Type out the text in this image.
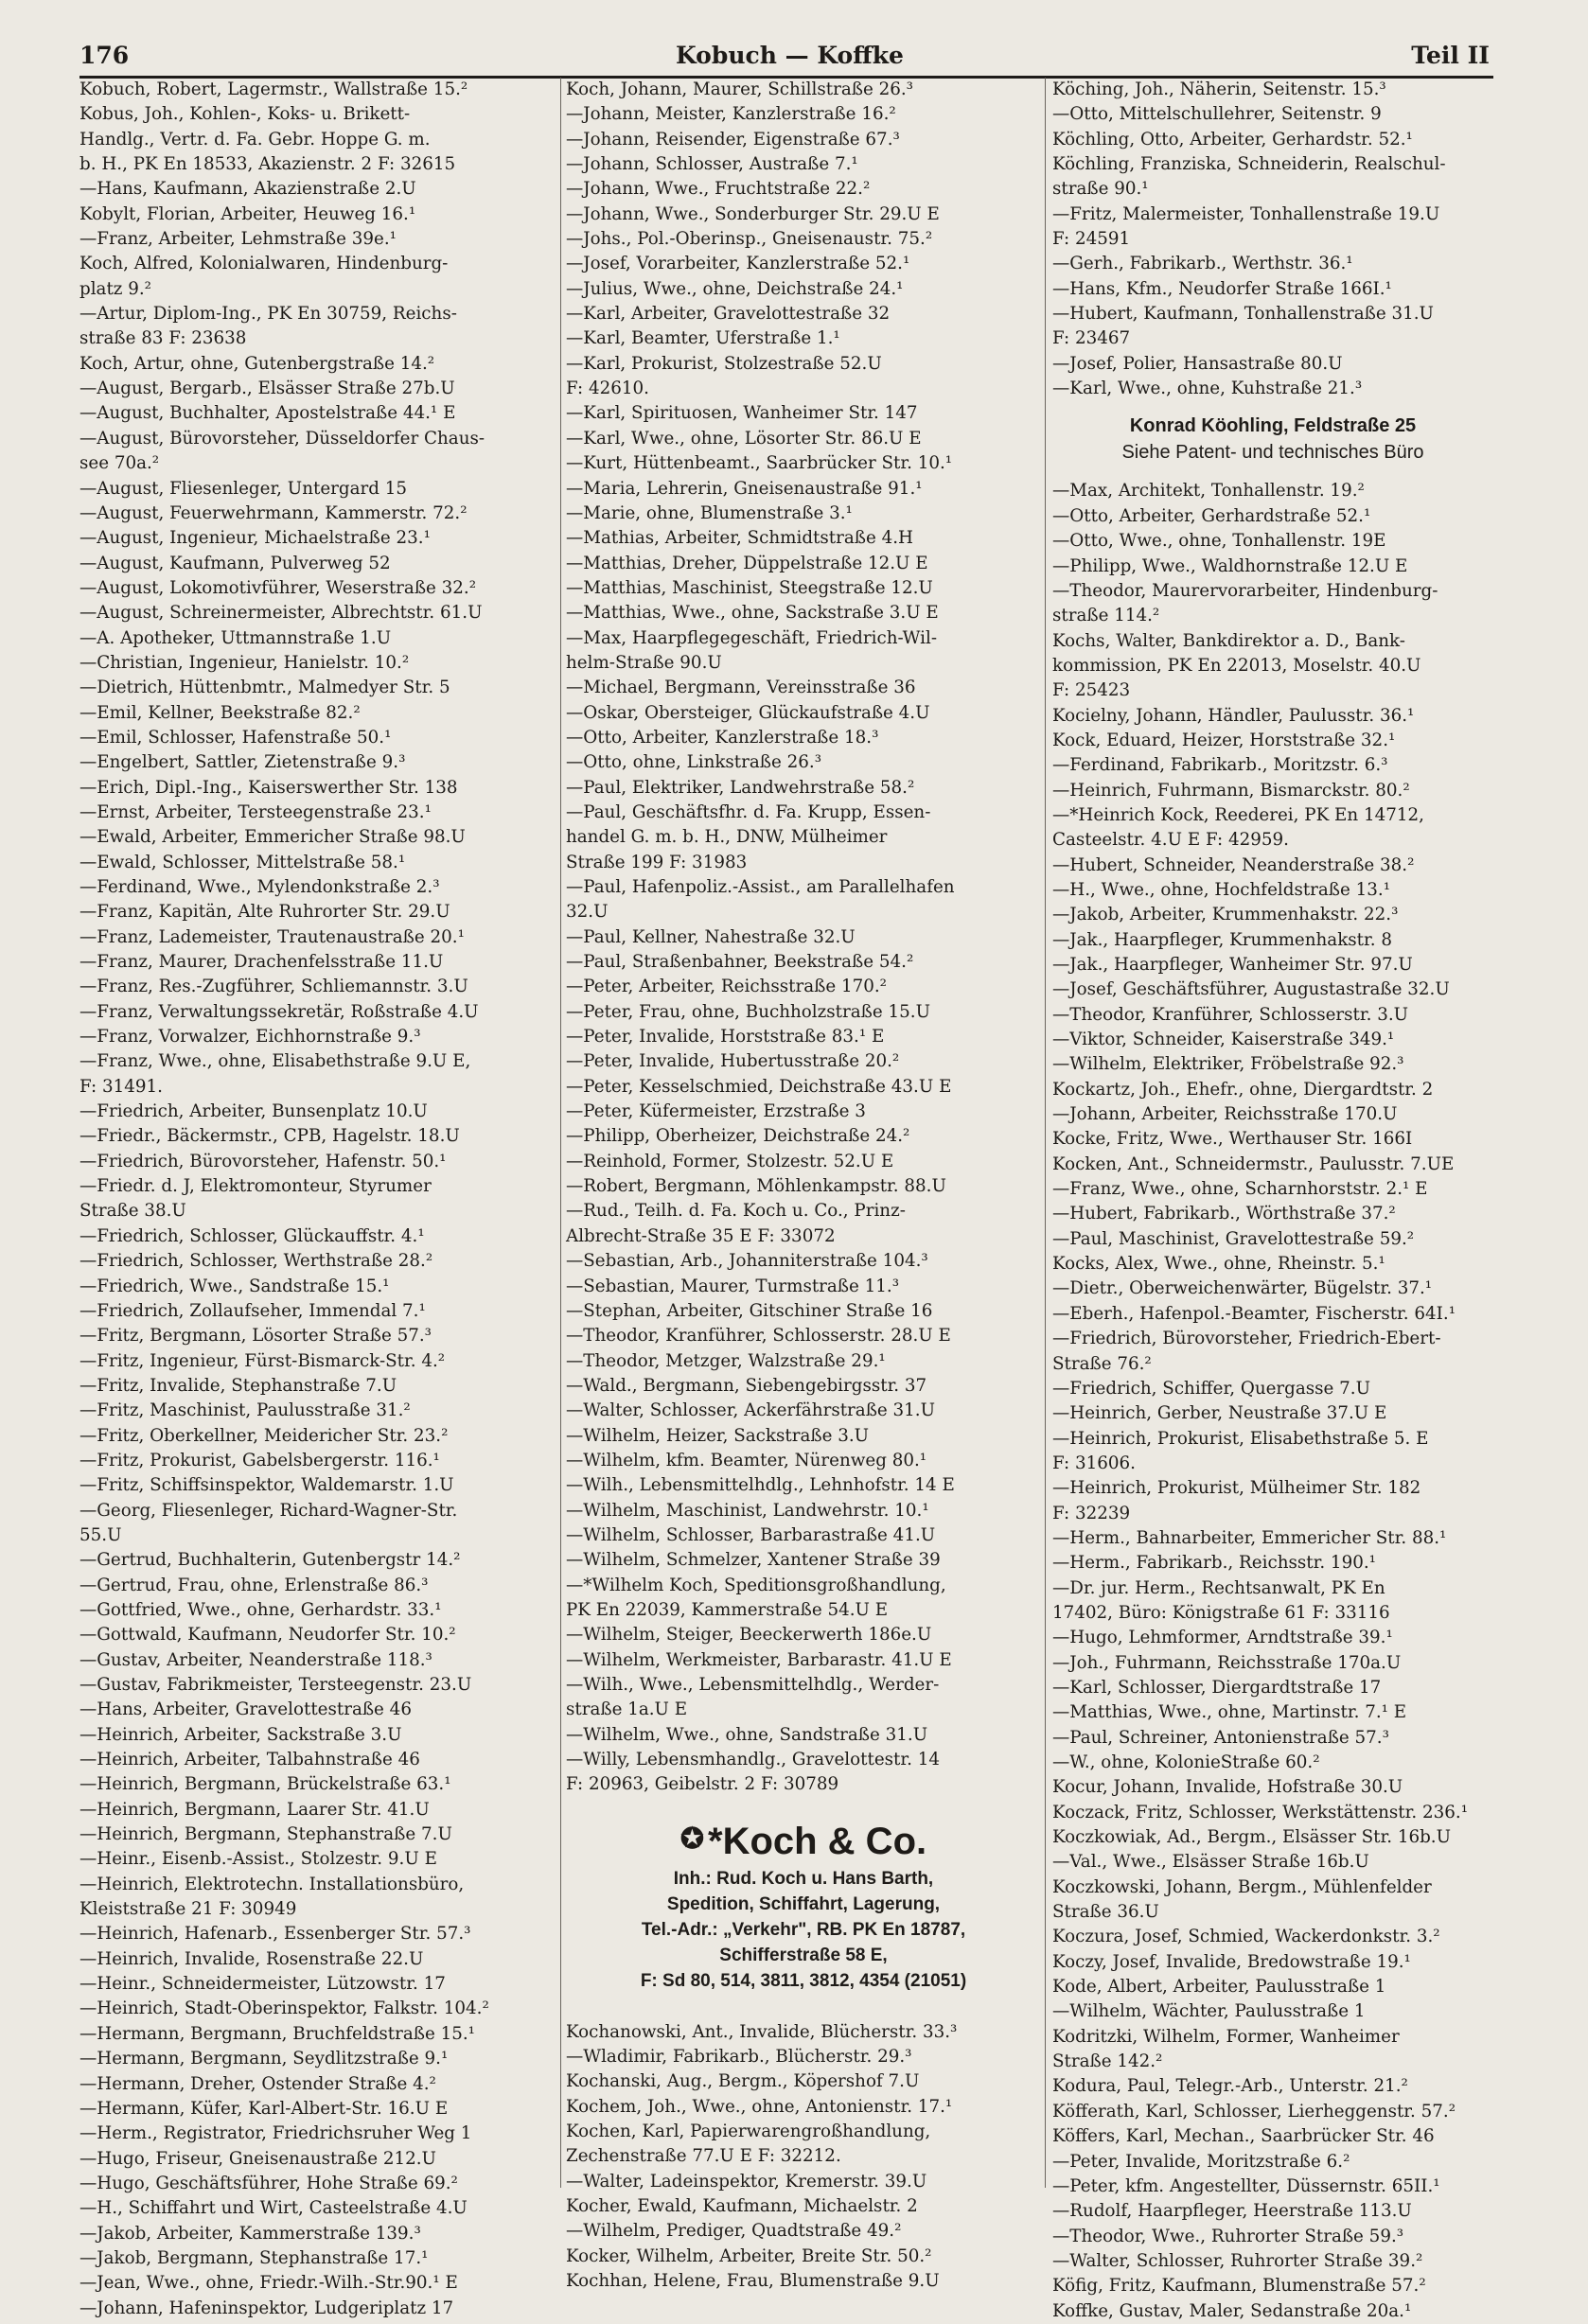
176	Kobuch — Koffke	Teil II
Kobuch, Robert, Lagermstr., Wallstraße 15.²
Kobus, Joh., Kohlen-, Koks- u. Brikett-
Handlg., Vertr. d. Fa. Gebr. Hoppe G. m.
b. H., PK En 18533, Akazienstr. 2 F: 32615
—Hans, Kaufmann, Akazienstraße 2.U
Kobylt, Florian, Arbeiter, Heuweg 16.¹
—Franz, Arbeiter, Lehmstraße 39e.¹
Koch, Alfred, Kolonialwaren, Hindenburg-
platz 9.²
—Artur, Diplom-Ing., PK En 30759, Reichs-
straße 83 F: 23638
Koch, Artur, ohne, Gutenbergstraße 14.²
—August, Bergarb., Elsässer Straße 27b.U
—August, Buchhalter, Apostelstraße 44.¹ E
—August, Bürovorsteher, Düsseldorfer Chaus-
see 70a.²
—August, Fliesenleger, Untergard 15
—August, Feuerwehrmann, Kammerstr. 72.²
—August, Ingenieur, Michaelstraße 23.¹
—August, Kaufmann, Pulverweg 52
—August, Lokomotivführer, Weserstraße 32.²
—August, Schreinermeister, Albrechtstr. 61.U
—A. Apotheker, Uttmannstraße 1.U
—Christian, Ingenieur, Hanielstr. 10.²
—Dietrich, Hüttenbmtr., Malmedyer Str. 5
—Emil, Kellner, Beekstraße 82.²
—Emil, Schlosser, Hafenstraße 50.¹
—Engelbert, Sattler, Zietenstraße 9.³
—Erich, Dipl.-Ing., Kaiserswerther Str. 138
—Ernst, Arbeiter, Tersteegenstraße 23.¹
—Ewald, Arbeiter, Emmericher Straße 98.U
—Ewald, Schlosser, Mittelstraße 58.¹
—Ferdinand, Wwe., Mylendonkstraße 2.³
—Franz, Kapitän, Alte Ruhrorter Str. 29.U
—Franz, Lademeister, Trautenaustraße 20.¹
—Franz, Maurer, Drachenfelsstraße 11.U
—Franz, Res.-Zugführer, Schliemannstr. 3.U
—Franz, Verwaltungssekretär, Roßstraße 4.U
—Franz, Vorwalzer, Eichhornstraße 9.³
—Franz, Wwe., ohne, Elisabethstraße 9.U E,
F: 31491.
—Friedrich, Arbeiter, Bunsenplatz 10.U
—Friedr., Bäckermstr., CPB, Hagelstr. 18.U
—Friedrich, Bürovorsteher, Hafenstr. 50.¹
—Friedr. d. J, Elektromonteur, Styrumer
Straße 38.U
—Friedrich, Schlosser, Glückauffstr. 4.¹
—Friedrich, Schlosser, Werthstraße 28.²
—Friedrich, Wwe., Sandstraße 15.¹
—Friedrich, Zollaufseher, Immendal 7.¹
—Fritz, Bergmann, Lösorter Straße 57.³
—Fritz, Ingenieur, Fürst-Bismarck-Str. 4.²
—Fritz, Invalide, Stephanstraße 7.U
—Fritz, Maschinist, Paulusstraße 31.²
—Fritz, Oberkellner, Meidericher Str. 23.²
—Fritz, Prokurist, Gabelsbergerstr. 116.¹
—Fritz, Schiffsinspektor, Waldemarstr. 1.U
—Georg, Fliesenleger, Richard-Wagner-Str.
55.U
—Gertrud, Buchhalterin, Gutenbergstr 14.²
—Gertrud, Frau, ohne, Erlenstraße 86.³
—Gottfried, Wwe., ohne, Gerhardstr. 33.¹
—Gottwald, Kaufmann, Neudorfer Str. 10.²
—Gustav, Arbeiter, Neanderstraße 118.³
—Gustav, Fabrikmeister, Tersteegenstr. 23.U
—Hans, Arbeiter, Gravelottestraße 46
—Heinrich, Arbeiter, Sackstraße 3.U
—Heinrich, Arbeiter, Talbahnstraße 46
—Heinrich, Bergmann, Brückelstraße 63.¹
—Heinrich, Bergmann, Laarer Str. 41.U
—Heinrich, Bergmann, Stephanstraße 7.U
—Heinr., Eisenb.-Assist., Stolzestr. 9.U E
—Heinrich, Elektrotechn. Installationsbüro,
Kleiststraße 21 F: 30949
—Heinrich, Hafenarb., Essenberger Str. 57.³
—Heinrich, Invalide, Rosenstraße 22.U
—Heinr., Schneidermeister, Lützowstr. 17
—Heinrich, Stadt-Oberinspektor, Falkstr. 104.²
—Hermann, Bergmann, Bruchfeldstraße 15.¹
—Hermann, Bergmann, Seydlitzstraße 9.¹
—Hermann, Dreher, Ostender Straße 4.²
—Hermann, Küfer, Karl-Albert-Str. 16.U E
—Herm., Registrator, Friedrichsruher Weg 1
—Hugo, Friseur, Gneisenaustraße 212.U
—Hugo, Geschäftsführer, Hohe Straße 69.²
—H., Schiffahrt und Wirt, Casteelstraße 4.U
—Jakob, Arbeiter, Kammerstraße 139.³
—Jakob, Bergmann, Stephanstraße 17.¹
—Jean, Wwe., ohne, Friedr.-Wilh.-Str.90.¹ E
—Johann, Hafeninspektor, Ludgeriplatz 17
Koch, Johann, Maurer, Schillstraße 26.³
—Johann, Meister, Kanzlerstraße 16.²
—Johann, Reisender, Eigenstraße 67.³
—Johann, Schlosser, Austraße 7.¹
—Johann, Wwe., Fruchtstraße 22.²
—Johann, Wwe., Sonderburger Str. 29.U E
—Johs., Pol.-Oberinsp., Gneisenaustr. 75.²
—Josef, Vorarbeiter, Kanzlerstraße 52.¹
—Julius, Wwe., ohne, Deichstraße 24.¹
—Karl, Arbeiter, Gravelottestraße 32
—Karl, Beamter, Uferstraße 1.¹
—Karl, Prokurist, Stolzestraße 52.U
F: 42610.
—Karl, Spirituosen, Wanheimer Str. 147
—Karl, Wwe., ohne, Lösorter Str. 86.U E
—Kurt, Hüttenbeamt., Saarbrücker Str. 10.¹
—Maria, Lehrerin, Gneisenaustraße 91.¹
—Marie, ohne, Blumenstraße 3.¹
—Mathias, Arbeiter, Schmidtstraße 4.H
—Matthias, Dreher, Düppelstraße 12.U E
—Matthias, Maschinist, Steegstraße 12.U
—Matthias, Wwe., ohne, Sackstraße 3.U E
—Max, Haarpflegegeschäft, Friedrich-Wil-
helm-Straße 90.U
—Michael, Bergmann, Vereinsstraße 36
—Oskar, Obersteiger, Glückaufstraße 4.U
—Otto, Arbeiter, Kanzlerstraße 18.³
—Otto, ohne, Linkstraße 26.³
—Paul, Elektriker, Landwehrstraße 58.²
—Paul, Geschäftsfhr. d. Fa. Krupp, Essen-
handel G. m. b. H., DNW, Mülheimer
Straße 199 F: 31983
—Paul, Hafenpoliz.-Assist., am Parallelhafen
32.U
—Paul, Kellner, Nahestraße 32.U
—Paul, Straßenbahner, Beekstraße 54.²
—Peter, Arbeiter, Reichsstraße 170.²
—Peter, Frau, ohne, Buchholzstraße 15.U
—Peter, Invalide, Horststraße 83.¹ E
—Peter, Invalide, Hubertusstraße 20.²
—Peter, Kesselschmied, Deichstraße 43.U E
—Peter, Küfermeister, Erzstraße 3
—Philipp, Oberheizer, Deichstraße 24.²
—Reinhold, Former, Stolzestr. 52.U E
—Robert, Bergmann, Möhlenkampstr. 88.U
—Rud., Teilh. d. Fa. Koch u. Co., Prinz-
Albrecht-Straße 35 E F: 33072
—Sebastian, Arb., Johanniterstraße 104.³
—Sebastian, Maurer, Turmstraße 11.³
—Stephan, Arbeiter, Gitschiner Straße 16
—Theodor, Kranführer, Schlosserstr. 28.U E
—Theodor, Metzger, Walzstraße 29.¹
—Wald., Bergmann, Siebengebirgsstr. 37
—Walter, Schlosser, Ackerfährstraße 31.U
—Wilhelm, Heizer, Sackstraße 3.U
—Wilhelm, kfm. Beamter, Nürenweg 80.¹
—Wilh., Lebensmittelhdlg., Lehnhofstr. 14 E
—Wilhelm, Maschinist, Landwehrstr. 10.¹
—Wilhelm, Schlosser, Barbarastraße 41.U
—Wilhelm, Schmelzer, Xantener Straße 39
—*Wilhelm Koch, Speditionsgroßhandlung,
PK En 22039, Kammerstraße 54.U E
—Wilhelm, Steiger, Beeckerwerth 186e.U
—Wilhelm, Werkmeister, Barbarastr. 41.U E
—Wilh., Wwe., Lebensmittelhdlg., Werder-
straße 1a.U E
—Wilhelm, Wwe., ohne, Sandstraße 31.U
—Willy, Lebensmhandlg., Gravelottestr. 14
F: 20963, Geibelstr. 2 F: 30789
✪ *Koch & Co.
Inh.: Rud. Koch u. Hans Barth,
Spedition, Schiffahrt, Lagerung,
Tel.-Adr.: „Verkehr", RB. PK En 18787,
Schifferstraße 58 E,
F: Sd 80, 514, 3811, 3812, 4354 (21051)
Kochanowski, Ant., Invalide, Blücherstr. 33.³
—Wladimir, Fabrikarb., Blücherstr. 29.³
Kochanski, Aug., Bergm., Köpershof 7.U
Kochem, Joh., Wwe., ohne, Antonienstr. 17.¹
Kochen, Karl, Papierwarengroßhandlung,
Zechenstraße 77.U E F: 32212.
—Walter, Ladeinspektor, Kremerstr. 39.U
Kocher, Ewald, Kaufmann, Michaelstr. 2
—Wilhelm, Prediger, Quadtstraße 49.²
Kocker, Wilhelm, Arbeiter, Breite Str. 50.²
Kochhan, Helene, Frau, Blumenstraße 9.U
Köching, Joh., Näherin, Seitenstr. 15.³
—Otto, Mittelschullehrer, Seitenstr. 9
Köchling, Otto, Arbeiter, Gerhardstr. 52.¹
Köchling, Franziska, Schneiderin, Realschul-
straße 90.¹
—Fritz, Malermeister, Tonhallenstraße 19.U
F: 24591
—Gerh., Fabrikarb., Werthstr. 36.¹
—Hans, Kfm., Neudorfer Straße 166I.¹
—Hubert, Kaufmann, Tonhallenstraße 31.U
F: 23467
—Josef, Polier, Hansastraße 80.U
—Karl, Wwe., ohne, Kuhstraße 21.³
Konrad Köohling, Feldstraße 25
Siehe Patent- und technisches Büro
—Max, Architekt, Tonhallenstr. 19.²
—Otto, Arbeiter, Gerhardstraße 52.¹
—Otto, Wwe., ohne, Tonhallenstr. 19E
—Philipp, Wwe., Waldhornstraße 12.U E
—Theodor, Maurervorarbeiter, Hindenburg-
straße 114.²
Kochs, Walter, Bankdirektor a. D., Bank-
kommission, PK En 22013, Moselstr. 40.U
F: 25423
Kocielny, Johann, Händler, Paulusstr. 36.¹
Kock, Eduard, Heizer, Horststraße 32.¹
—Ferdinand, Fabrikarb., Moritzstr. 6.³
—Heinrich, Fuhrmann, Bismarckstr. 80.²
—*Heinrich Kock, Reederei, PK En 14712,
Casteelstr. 4.U E F: 42959.
—Hubert, Schneider, Neanderstraße 38.²
—H., Wwe., ohne, Hochfeldstraße 13.¹
—Jakob, Arbeiter, Krummenhakstr. 22.³
—Jak., Haarpfleger, Krummenhakstr. 8
—Jak., Haarpfleger, Wanheimer Str. 97.U
—Josef, Geschäftsführer, Augustastraße 32.U
—Theodor, Kranführer, Schlosserstr. 3.U
—Viktor, Schneider, Kaiserstraße 349.¹
—Wilhelm, Elektriker, Fröbelstraße 92.³
Kockartz, Joh., Ehefr., ohne, Diergardtstr. 2
—Johann, Arbeiter, Reichsstraße 170.U
Kocke, Fritz, Wwe., Werthauser Str. 166I
Kocken, Ant., Schneidermstr., Paulusstr. 7.UE
—Franz, Wwe., ohne, Scharnhorststr. 2.¹ E
—Hubert, Fabrikarb., Wörthstraße 37.²
—Paul, Maschinist, Gravelottestraße 59.²
Kocks, Alex, Wwe., ohne, Rheinstr. 5.¹
—Dietr., Oberweichenwärter, Bügelstr. 37.¹
—Eberh., Hafenpol.-Beamter, Fischerstr. 64I.¹
—Friedrich, Bürovorsteher, Friedrich-Ebert-
Straße 76.²
—Friedrich, Schiffer, Quergasse 7.U
—Heinrich, Gerber, Neustraße 37.U E
—Heinrich, Prokurist, Elisabethstraße 5. E
F: 31606.
—Heinrich, Prokurist, Mülheimer Str. 182
F: 32239
—Herm., Bahnarbeiter, Emmericher Str. 88.¹
—Herm., Fabrikarb., Reichsstr. 190.¹
—Dr. jur. Herm., Rechtsanwalt, PK En
17402, Büro: Königstraße 61 F: 33116
—Hugo, Lehmformer, Arndtstraße 39.¹
—Joh., Fuhrmann, Reichsstraße 170a.U
—Karl, Schlosser, Diergardtstraße 17
—Matthias, Wwe., ohne, Martinstr. 7.¹ E
—Paul, Schreiner, Antonienstraße 57.³
—W., ohne, KolonieStraße 60.²
Kocur, Johann, Invalide, Hofstraße 30.U
Koczack, Fritz, Schlosser, Werkstättenstr. 236.¹
Koczkowiak, Ad., Bergm., Elsässer Str. 16b.U
—Val., Wwe., Elsässer Straße 16b.U
Koczkowski, Johann, Bergm., Mühlenfelder
Straße 36.U
Koczura, Josef, Schmied, Wackerdonkstr. 3.²
Koczy, Josef, Invalide, Bredowstraße 19.¹
Kode, Albert, Arbeiter, Paulusstraße 1
—Wilhelm, Wächter, Paulusstraße 1
Kodritzki, Wilhelm, Former, Wanheimer
Straße 142.²
Kodura, Paul, Telegr.-Arb., Unterstr. 21.²
Köfferath, Karl, Schlosser, Lierheggenstr. 57.²
Köffers, Karl, Mechan., Saarbrücker Str. 46
—Peter, Invalide, Moritzstraße 6.²
—Peter, kfm. Angestellter, Düssernstr. 65II.¹
—Rudolf, Haarpfleger, Heerstraße 113.U
—Theodor, Wwe., Ruhrorter Straße 59.³
—Walter, Schlosser, Ruhrorter Straße 39.²
Köfig, Fritz, Kaufmann, Blumenstraße 57.²
Koffke, Gustav, Maler, Sedanstraße 20a.¹
